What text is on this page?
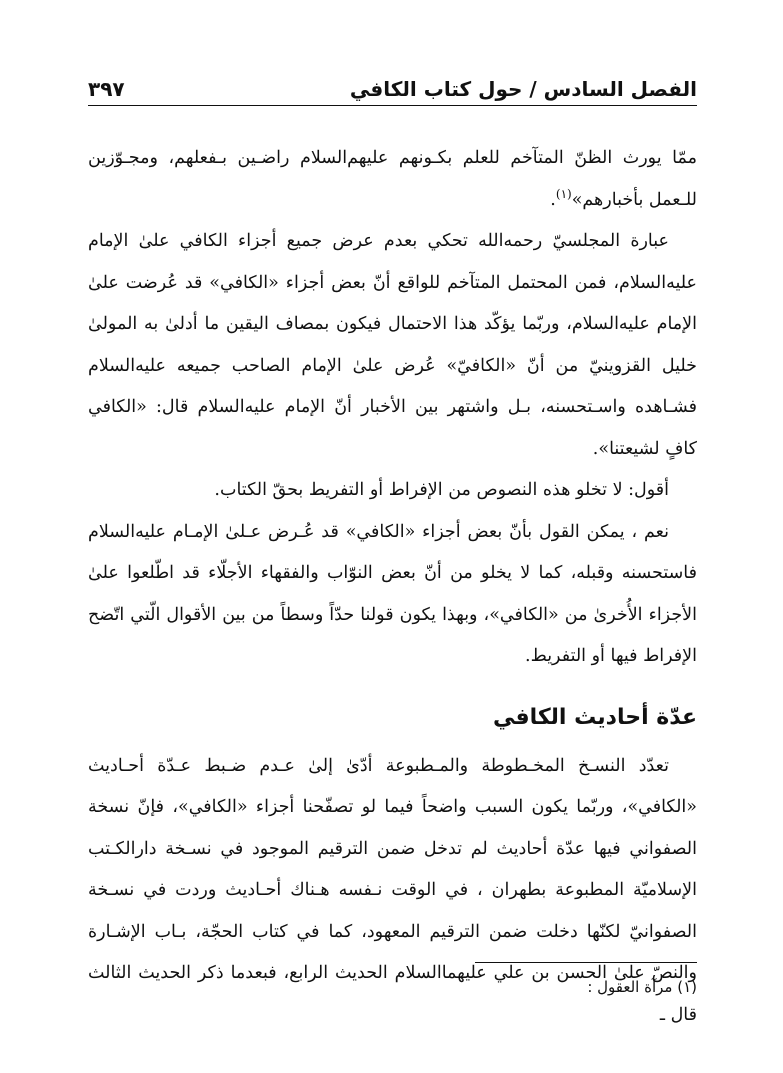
الفصل السادس / حول كتاب الكافي
٣٩٧

ممّا يورث الظنّ المتآخم للعلم بكـونهم عليهم‌السلام راضـين بـفعلهم، ومجـوّزين للـعمل بأخبارهم»$^{(١)}$.

عبارة المجلسيّ رحمه‌الله تحكي بعدم عرض جميع أجزاء الكافي علىٰ الإمام عليه‌السلام، فمن المحتمل المتآخم للواقع أنّ بعض أجزاء «الكافي» قد عُرضت علىٰ الإمام عليه‌السلام، وربّما يؤكّد هذا الاحتمال فيكون بمصاف اليقين ما أدلىٰ به المولىٰ خليل القزوينيّ من أنّ «الكافيّ» عُرض علىٰ الإمام الصاحب جميعه عليه‌السلام فشـاهده واسـتحسنه، بـل واشتهر بين الأخبار أنّ الإمام عليه‌السلام قال: «الكافي كافٍ لشيعتنا».

أقول: لا تخلو هذه النصوص من الإفراط أو التفريط بحقّ الكتاب.

نعم ، يمكن القول بأنّ بعض أجزاء «الكافي» قد عُـرض عـلىٰ الإمـام عليه‌السلام فاستحسنه وقبله، كما لا يخلو من أنّ بعض النوّاب والفقهاء الأجلّاء قد اطّلعوا علىٰ الأجزاء الأُخرىٰ من «الكافي»، وبهذا يكون قولنا حدّاً وسطاً من بين الأقوال الّتي اتّضح الإفراط فيها أو التفريط.

عدّة أحاديث الكافي

تعدّد النسـخ المخـطوطة والمـطبوعة أدّىٰ إلىٰ عـدم ضـبط عـدّة أحـاديث «الكافي»، وربّما يكون السبب واضحاً فيما لو تصفّحنا أجزاء «الكافي»، فإنّ نسخة الصفواني فيها عدّة أحاديث لم تدخل ضمن الترقيم الموجود في نسـخة دارالكـتب الإسلاميّة المطبوعة بطهران ، في الوقت نـفسه هـناك أحـاديث وردت في نسـخة الصفوانيّ لكنّها دخلت ضمن الترقيم المعهود، كما في كتاب الحجّة، بـاب الإشـارة والنصّ علىٰ الحسن بن علي عليهما‌السلام الحديث الرابع، فبعدما ذكر الحديث الثالث قال ـ

(١) مرآة العقول :
